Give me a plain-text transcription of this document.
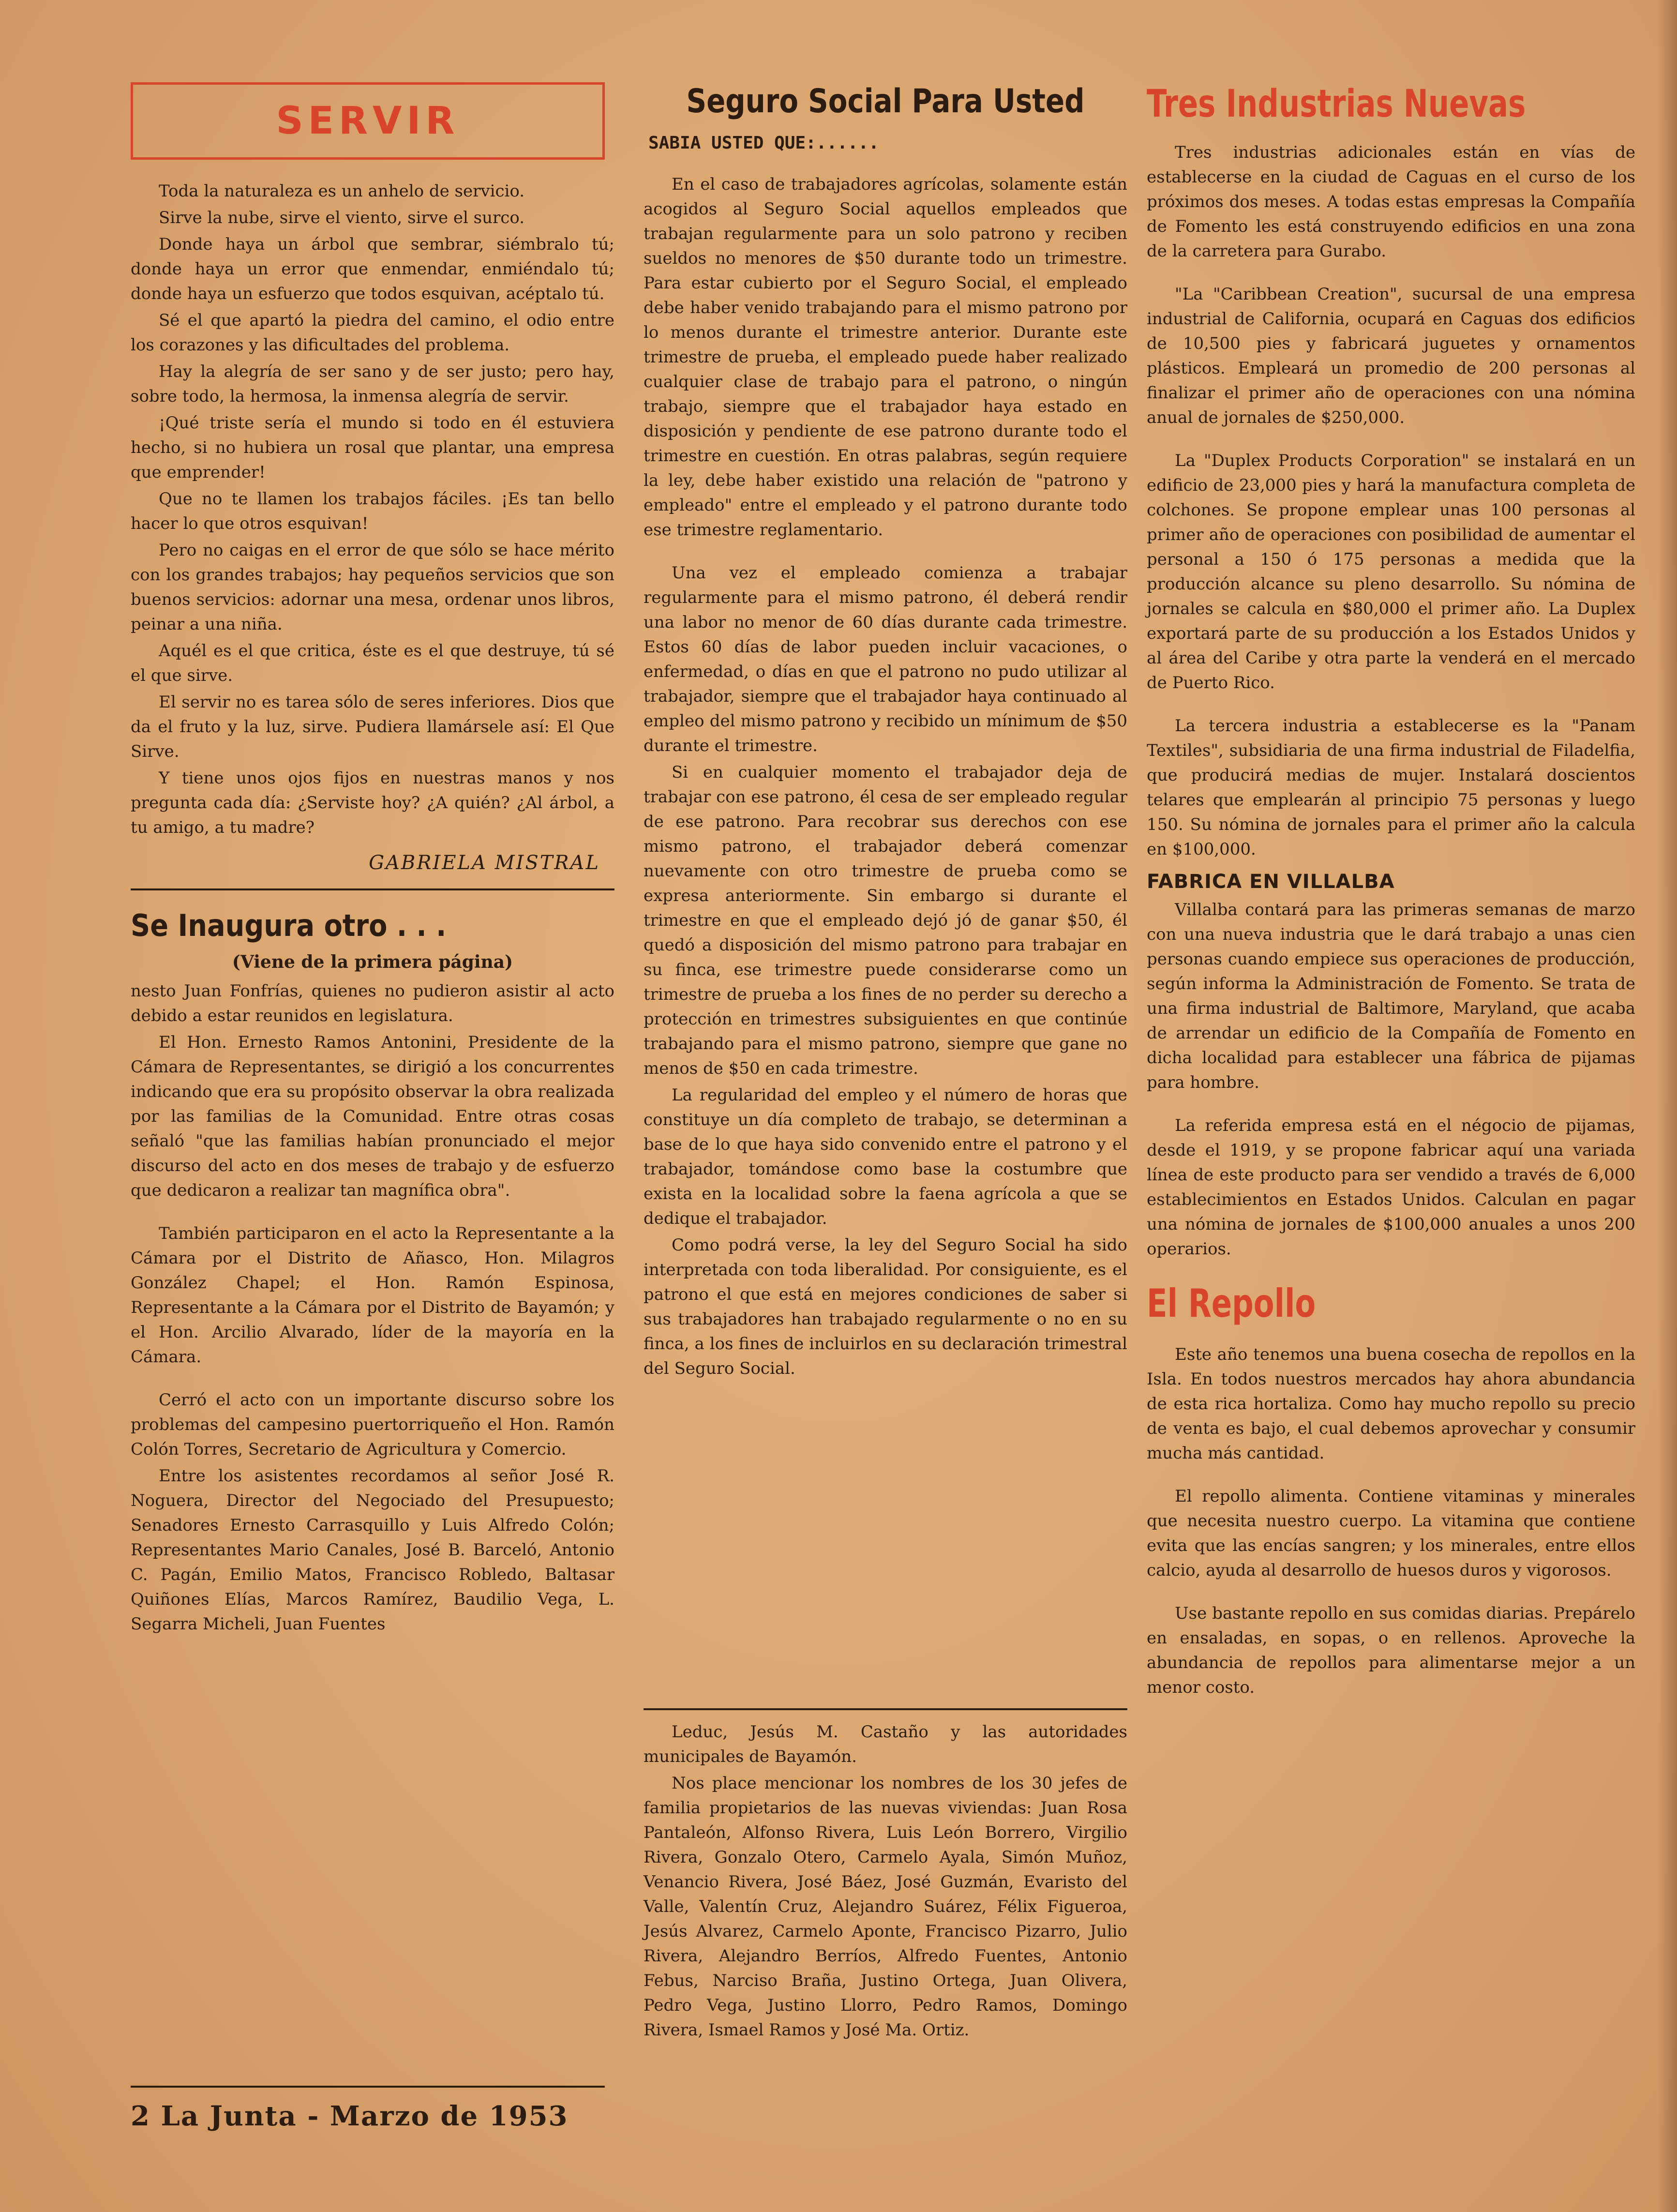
SERVIR

Toda la naturaleza es un anhelo de servicio.

Sirve la nube, sirve el viento, sirve el surco.

Donde haya un árbol que sembrar, siémbralo tú; donde haya un error que enmendar, enmiéndalo tú; donde haya un esfuerzo que todos esquivan, acéptalo tú.

Sé el que apartó la piedra del camino, el odio entre los corazones y las dificultades del problema.

Hay la alegría de ser sano y de ser justo; pero hay, sobre todo, la hermosa, la inmensa alegría de servir.

¡Qué triste sería el mundo si todo en él estuviera hecho, si no hubiera un rosal que plantar, una empresa que emprender!

Que no te llamen los trabajos fáciles. ¡Es tan bello hacer lo que otros esquivan!

Pero no caigas en el error de que sólo se hace mérito con los grandes trabajos; hay pequeños servicios que son buenos servicios: adornar una mesa, ordenar unos libros, peinar a una niña.

Aquél es el que critica, éste es el que destruye, tú sé el que sirve.

El servir no es tarea sólo de seres inferiores. Dios que da el fruto y la luz, sirve. Pudiera llamársele así: El Que Sirve.

Y tiene unos ojos fijos en nuestras manos y nos pregunta cada día: ¿Serviste hoy? ¿A quién? ¿Al árbol, a tu amigo, a tu madre?

GABRIELA MISTRAL
Se Inaugura otro . . .
(Viene de la primera página)

nesto Juan Fonfrías, quienes no pudieron asistir al acto debido a estar reunidos en legislatura.

El Hon. Ernesto Ramos Antonini, Presidente de la Cámara de Representantes, se dirigió a los concurrentes indicando que era su propósito observar la obra realizada por las familias de la Comunidad. Entre otras cosas señaló "que las familias habían pronunciado el mejor discurso del acto en dos meses de trabajo y de esfuerzo que dedicaron a realizar tan magnífica obra".

También participaron en el acto la Representante a la Cámara por el Distrito de Añasco, Hon. Milagros González Chapel; el Hon. Ramón Espinosa, Representante a la Cámara por el Distrito de Bayamón; y el Hon. Arcilio Alvarado, líder de la mayoría en la Cámara.

Cerró el acto con un importante discurso sobre los problemas del campesino puertorriqueño el Hon. Ramón Colón Torres, Secretario de Agricultura y Comercio.

Entre los asistentes recordamos al señor José R. Noguera, Director del Negociado del Presupuesto; Senadores Ernesto Carrasquillo y Luis Alfredo Colón; Representantes Mario Canales, José B. Barceló, Antonio C. Pagán, Emilio Matos, Francisco Robledo, Baltasar Quiñones Elías, Marcos Ramírez, Baudilio Vega, L. Segarra Micheli, Juan Fuentes

2 La Junta - Marzo de 1953
Seguro Social Para Usted
SABIA USTED QUE:......

En el caso de trabajadores agrícolas, solamente están acogidos al Seguro Social aquellos empleados que trabajan regularmente para un solo patrono y reciben sueldos no menores de $50 durante todo un trimestre. Para estar cubierto por el Seguro Social, el empleado debe haber venido trabajando para el mismo patrono por lo menos durante el trimestre anterior. Durante este trimestre de prueba, el empleado puede haber realizado cualquier clase de trabajo para el patrono, o ningún trabajo, siempre que el trabajador haya estado en disposición y pendiente de ese patrono durante todo el trimestre en cuestión. En otras palabras, según requiere la ley, debe haber existido una relación de "patrono y empleado" entre el empleado y el patrono durante todo ese trimestre reglamentario.

Una vez el empleado comienza a trabajar regularmente para el mismo patrono, él deberá rendir una labor no menor de 60 días durante cada trimestre. Estos 60 días de labor pueden incluir vacaciones, o enfermedad, o días en que el patrono no pudo utilizar al trabajador, siempre que el trabajador haya continuado al empleo del mismo patrono y recibido un mínimum de $50 durante el trimestre.

Si en cualquier momento el trabajador deja de trabajar con ese patrono, él cesa de ser empleado regular de ese patrono. Para recobrar sus derechos con ese mismo patrono, el trabajador deberá comenzar nuevamente con otro trimestre de prueba como se expresa anteriormente. Sin embargo si durante el trimestre en que el empleado dejó jó de ganar $50, él quedó a disposición del mismo patrono para trabajar en su finca, ese trimestre puede considerarse como un trimestre de prueba a los fines de no perder su derecho a protección en trimestres subsiguientes en que continúe trabajando para el mismo patrono, siempre que gane no menos de $50 en cada trimestre.

La regularidad del empleo y el número de horas que constituye un día completo de trabajo, se determinan a base de lo que haya sido convenido entre el patrono y el trabajador, tomándose como base la costumbre que exista en la localidad sobre la faena agrícola a que se dedique el trabajador.

Como podrá verse, la ley del Seguro Social ha sido interpretada con toda liberalidad. Por consiguiente, es el patrono el que está en mejores condiciones de saber si sus trabajadores han trabajado regularmente o no en su finca, a los fines de incluirlos en su declaración trimestral del Seguro Social.

Leduc, Jesús M. Castaño y las autoridades municipales de Bayamón.

Nos place mencionar los nombres de los 30 jefes de familia propietarios de las nuevas viviendas: Juan Rosa Pantaleón, Alfonso Rivera, Luis León Borrero, Virgilio Rivera, Gonzalo Otero, Carmelo Ayala, Simón Muñoz, Venancio Rivera, José Báez, José Guzmán, Evaristo del Valle, Valentín Cruz, Alejandro Suárez, Félix Figueroa, Jesús Alvarez, Carmelo Aponte, Francisco Pizarro, Julio Rivera, Alejandro Berríos, Alfredo Fuentes, Antonio Febus, Narciso Braña, Justino Ortega, Juan Olivera, Pedro Vega, Justino Llorro, Pedro Ramos, Domingo Rivera, Ismael Ramos y José Ma. Ortiz.

Tres Industrias Nuevas

Tres industrias adicionales están en vías de establecerse en la ciudad de Caguas en el curso de los próximos dos meses. A todas estas empresas la Compañía de Fomento les está construyendo edificios en una zona de la carretera para Gurabo.

"La "Caribbean Creation", sucursal de una empresa industrial de California, ocupará en Caguas dos edificios de 10,500 pies y fabricará juguetes y ornamentos plásticos. Empleará un promedio de 200 personas al finalizar el primer año de operaciones con una nómina anual de jornales de $250,000.

La "Duplex Products Corporation" se instalará en un edificio de 23,000 pies y hará la manufactura completa de colchones. Se propone emplear unas 100 personas al primer año de operaciones con posibilidad de aumentar el personal a 150 ó 175 personas a medida que la producción alcance su pleno desarrollo. Su nómina de jornales se calcula en $80,000 el primer año. La Duplex exportará parte de su producción a los Estados Unidos y al área del Caribe y otra parte la venderá en el mercado de Puerto Rico.

La tercera industria a establecerse es la "Panam Textiles", subsidiaria de una firma industrial de Filadelfia, que producirá medias de mujer. Instalará doscientos telares que emplearán al principio 75 personas y luego 150. Su nómina de jornales para el primer año la calcula en $100,000.

FABRICA EN VILLALBA

Villalba contará para las primeras semanas de marzo con una nueva industria que le dará trabajo a unas cien personas cuando empiece sus operaciones de producción, según informa la Administración de Fomento. Se trata de una firma industrial de Baltimore, Maryland, que acaba de arrendar un edificio de la Compañía de Fomento en dicha localidad para establecer una fábrica de pijamas para hombre.

La referida empresa está en el négocio de pijamas, desde el 1919, y se propone fabricar aquí una variada línea de este producto para ser vendido a través de 6,000 establecimientos en Estados Unidos. Calculan en pagar una nómina de jornales de $100,000 anuales a unos 200 operarios.

El Repollo

Este año tenemos una buena cosecha de repollos en la Isla. En todos nuestros mercados hay ahora abundancia de esta rica hortaliza. Como hay mucho repollo su precio de venta es bajo, el cual debemos aprovechar y consumir mucha más cantidad.

El repollo alimenta. Contiene vitaminas y minerales que necesita nuestro cuerpo. La vitamina que contiene evita que las encías sangren; y los minerales, entre ellos calcio, ayuda al desarrollo de huesos duros y vigorosos.

Use bastante repollo en sus comidas diarias. Prepárelo en ensaladas, en sopas, o en rellenos. Aproveche la abundancia de repollos para alimentarse mejor a un menor costo.
